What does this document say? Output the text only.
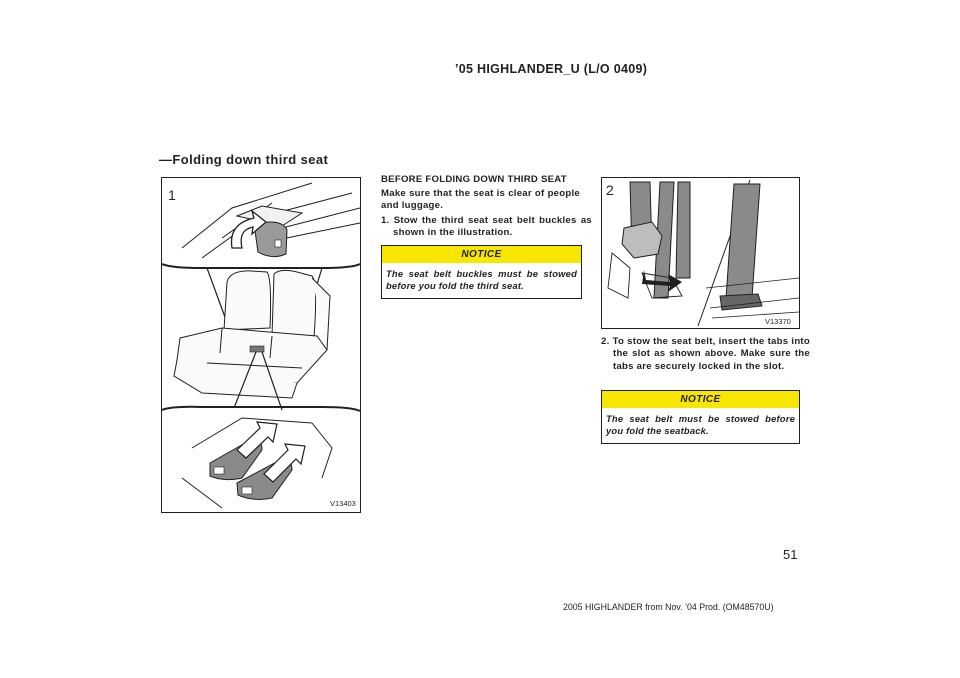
’05 HIGHLANDER_U (L/O 0409)
—Folding down third seat
1
V13403
BEFORE FOLDING DOWN THIRD SEAT
Make sure that the seat is clear of people and luggage.
1. Stow the third seat seat belt buckles as shown in the illustration.
NOTICE
The seat belt buckles must be stowed before you fold the third seat.
2
V13370
2. To stow the seat belt, insert the tabs into the slot as shown above. Make sure the tabs are securely locked in the slot.
NOTICE
The seat belt must be stowed before you fold the seatback.
51
2005 HIGHLANDER from Nov. ’04 Prod. (OM48570U)
